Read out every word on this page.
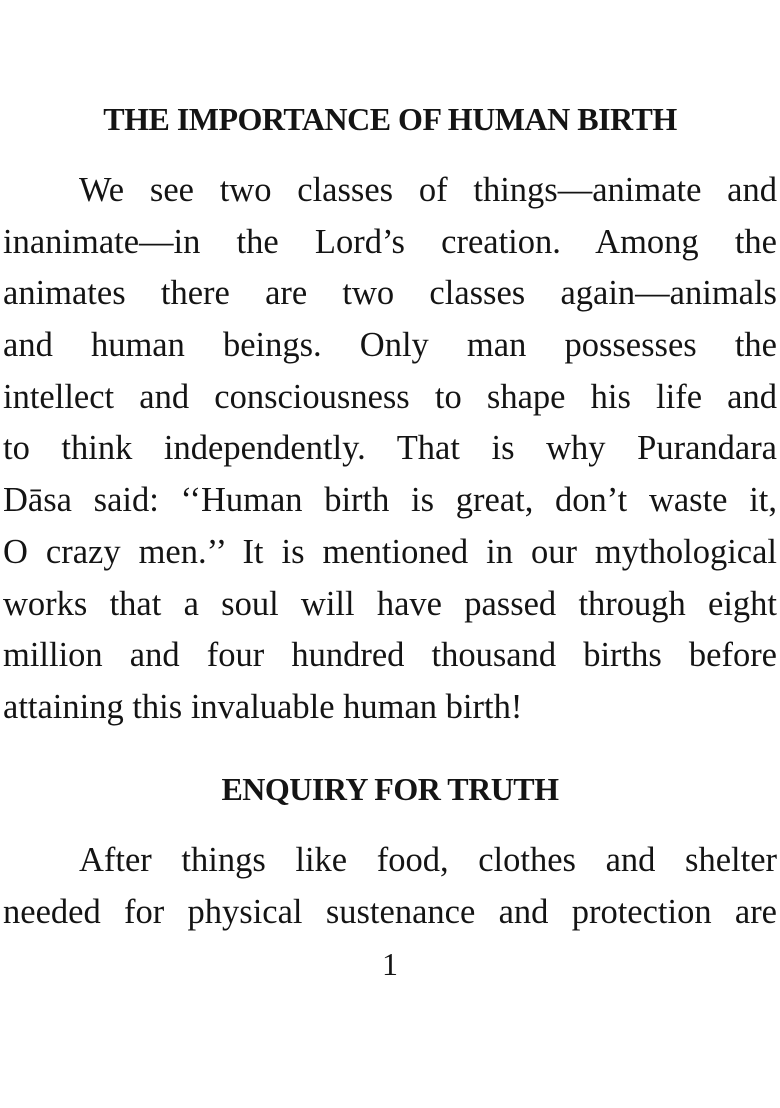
THE IMPORTANCE OF HUMAN BIRTH

We see two classes of things—animate and
inanimate—in the Lord’s creation. Among the
animates there are two classes again—animals
and human beings. Only man possesses the
intellect and consciousness to shape his life and
to think independently. That is why Purandara
Dāsa said: ‘‘Human birth is great, don’t waste it,
O crazy men.’’ It is mentioned in our mythological
works that a soul will have passed through eight
million and four hundred thousand births before
attaining this invaluable human birth!

ENQUIRY FOR TRUTH

After things like food, clothes and shelter
needed for physical sustenance and protection are

1
